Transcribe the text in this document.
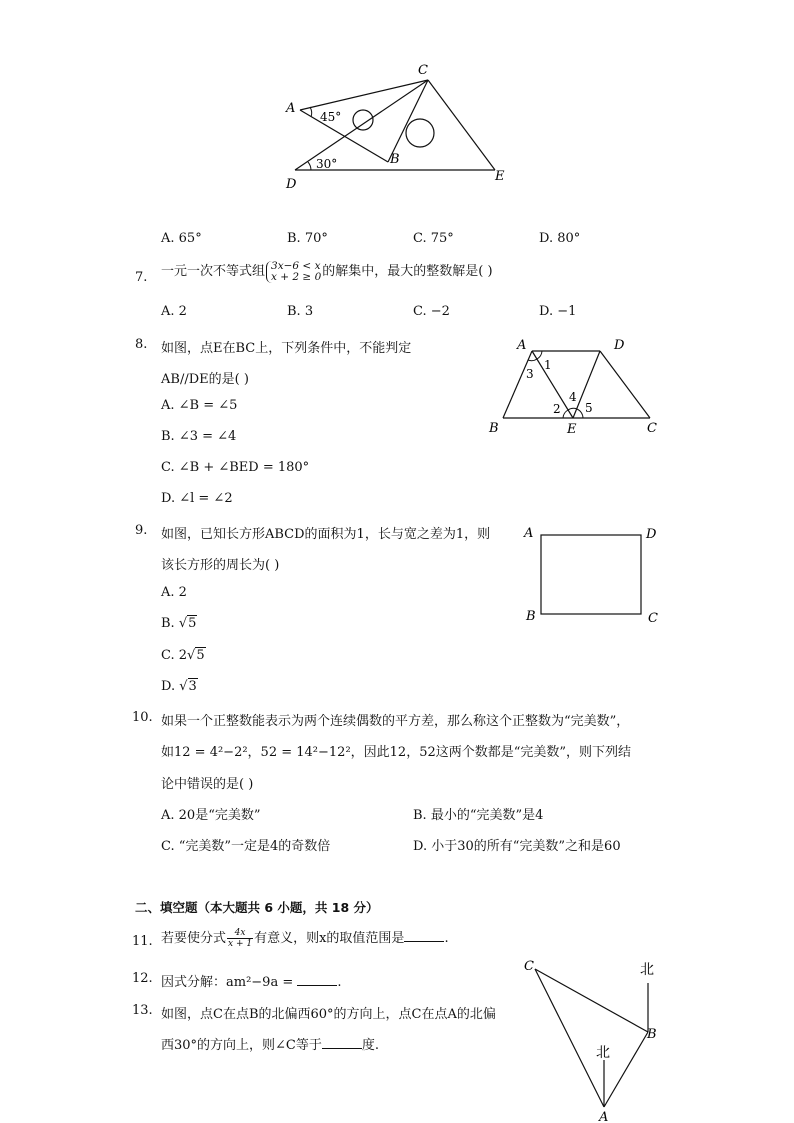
A
C
B
D
E
45°
30°
A. 65°	B. 70°	C. 75°	D. 80°
7. 一元一次不等式组 3x−6 < x
x + 2 ≥ 0 的解集中，最大的整数解是( )
A. 2	B. 3	C. −2	D. −1
8. 如图，点E在BC上，下列条件中，不能判定
AB//DE的是( )
A. ∠B = ∠5
B. ∠3 = ∠4
C. ∠B + ∠BED = 180°
D. ∠l = ∠2
A	D
B	E	C
1
3
2
4
5
9. 如图，已知长方形ABCD的面积为1，长与宽之差为1，则
该长方形的周长为( )
A. 2
B. √5
C. 2√5
D. √3
A	D
B	C
10. 如果一个正整数能表示为两个连续偶数的平方差，那么称这个正整数为“完美数”，
如12 = 4²−2²，52 = 14²−12²，因此12，52这两个数都是“完美数”，则下列结
论中错误的是( )
A. 20是“完美数”	B. 最小的“完美数”是4
C. “完美数”一定是4的奇数倍	D. 小于30的所有“完美数”之和是60
二、填空题（本大题共 6 小题，共 18 分）
11. 若要使分式 $\frac{4x}{x + 1}$ 有意义，则x的取值范围是	.
12. 因式分解：am²−9a =	.
13. 如图，点C在点B的北偏西60°的方向上，点C在点A的北偏
西30°的方向上，则∠C等于	度.
C
B
A
北
北
